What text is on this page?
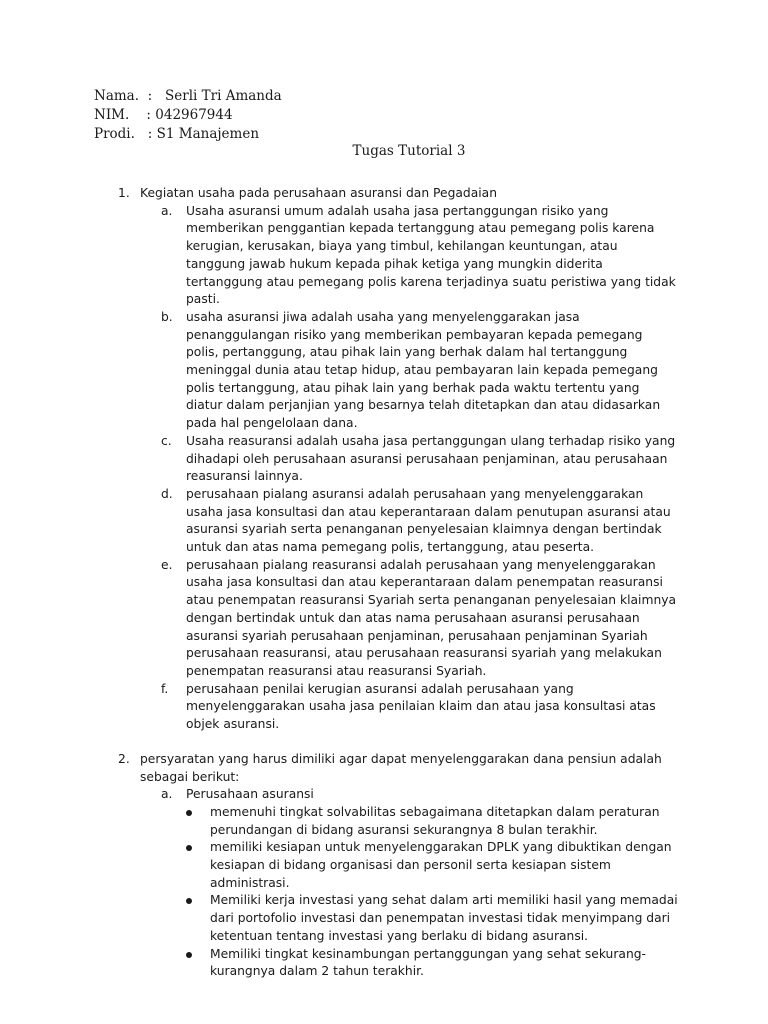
Nama.  :   Serli Tri Amanda
NIM.    : 042967944
Prodi.   : S1 Manajemen
Tugas Tutorial 3
1. Kegiatan usaha pada perusahaan asuransi dan Pegadaian
a. Usaha asuransi umum adalah usaha jasa pertanggungan risiko yang memberikan penggantian kepada tertanggung atau pemegang polis karena kerugian, kerusakan, biaya yang timbul, kehilangan keuntungan, atau tanggung jawab hukum kepada pihak ketiga yang mungkin diderita tertanggung atau pemegang polis karena terjadinya suatu peristiwa yang tidak pasti.
b. usaha asuransi jiwa adalah usaha yang menyelenggarakan jasa penanggulangan risiko yang memberikan pembayaran kepada pemegang polis, pertanggung, atau pihak lain yang berhak dalam hal tertanggung meninggal dunia atau tetap hidup, atau pembayaran lain kepada pemegang polis tertanggung, atau pihak lain yang berhak pada waktu tertentu yang diatur dalam perjanjian yang besarnya telah ditetapkan dan atau didasarkan pada hal pengelolaan dana.
c. Usaha reasuransi adalah usaha jasa pertanggungan ulang terhadap risiko yang dihadapi oleh perusahaan asuransi perusahaan penjaminan, atau perusahaan reasuransi lainnya.
d. perusahaan pialang asuransi adalah perusahaan yang menyelenggarakan usaha jasa konsultasi dan atau keperantaraan dalam penutupan asuransi atau asuransi syariah serta penanganan penyelesaian klaimnya dengan bertindak untuk dan atas nama pemegang polis, tertanggung, atau peserta.
e. perusahaan pialang reasuransi adalah perusahaan yang menyelenggarakan usaha jasa konsultasi dan atau keperantaraan dalam penempatan reasuransi atau penempatan reasuransi Syariah serta penanganan penyelesaian klaimnya dengan bertindak untuk dan atas nama perusahaan asuransi perusahaan asuransi syariah perusahaan penjaminan, perusahaan penjaminan Syariah perusahaan reasuransi, atau perusahaan reasuransi syariah yang melakukan penempatan reasuransi atau reasuransi Syariah.
f. perusahaan penilai kerugian asuransi adalah perusahaan yang menyelenggarakan usaha jasa penilaian klaim dan atau jasa konsultasi atas objek asuransi.
2. persyaratan yang harus dimiliki agar dapat menyelenggarakan dana pensiun adalah sebagai berikut:
a. Perusahaan asuransi
memenuhi tingkat solvabilitas sebagaimana ditetapkan dalam peraturan perundangan di bidang asuransi sekurangnya 8 bulan terakhir.
memiliki kesiapan untuk menyelenggarakan DPLK yang dibuktikan dengan kesiapan di bidang organisasi dan personil serta kesiapan sistem administrasi.
Memiliki kerja investasi yang sehat dalam arti memiliki hasil yang memadai dari portofolio investasi dan penempatan investasi tidak menyimpang dari ketentuan tentang investasi yang berlaku di bidang asuransi.
Memiliki tingkat kesinambungan pertanggungan yang sehat sekurang-kurangnya dalam 2 tahun terakhir.
